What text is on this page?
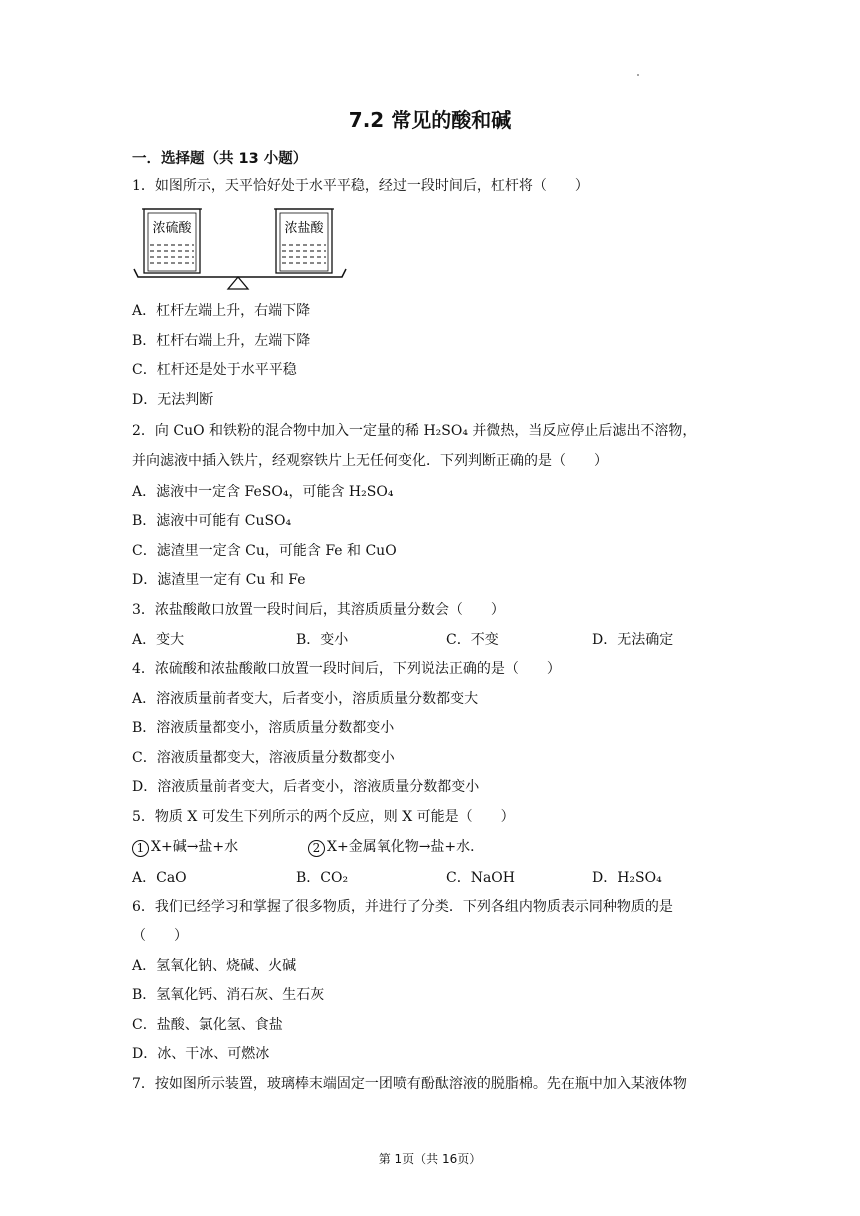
7.2 常见的酸和碱
一．选择题（共 13 小题）
1．如图所示，天平恰好处于水平平稳，经过一段时间后，杠杆将（　　）
浓硫酸	浓盐酸
A．杠杆左端上升，右端下降
B．杠杆右端上升，左端下降
C．杠杆还是处于水平平稳
D．无法判断
2．向 CuO 和铁粉的混合物中加入一定量的稀 H₂SO₄ 并微热，当反应停止后滤出不溶物，
并向滤液中插入铁片，经观察铁片上无任何变化．下列判断正确的是（　　）
A．滤液中一定含 FeSO₄，可能含 H₂SO₄
B．滤液中可能有 CuSO₄
C．滤渣里一定含 Cu，可能含 Fe 和 CuO
D．滤渣里一定有 Cu 和 Fe
3．浓盐酸敞口放置一段时间后，其溶质质量分数会（　　）
A．变大	B．变小	C．不变	D．无法确定
4．浓硫酸和浓盐酸敞口放置一段时间后，下列说法正确的是（　　）
A．溶液质量前者变大，后者变小，溶质质量分数都变大
B．溶液质量都变小，溶质质量分数都变小
C．溶液质量都变大，溶液质量分数都变小
D．溶液质量前者变大，后者变小，溶液质量分数都变小
5．物质 X 可发生下列所示的两个反应，则 X 可能是（　　）
1 X+碱→盐+水	2 X+金属氧化物→盐+水．
A．CaO	B．CO₂	C．NaOH	D．H₂SO₄
6．我们已经学习和掌握了很多物质，并进行了分类．下列各组内物质表示同种物质的是
（　　）
A．氢氧化钠、烧碱、火碱
B．氢氧化钙、消石灰、生石灰
C．盐酸、氯化氢、食盐
D．冰、干冰、可燃冰
7．按如图所示装置，玻璃棒末端固定一团喷有酚酞溶液的脱脂棉。先在瓶中加入某液体物
第 1页（共 16页）
